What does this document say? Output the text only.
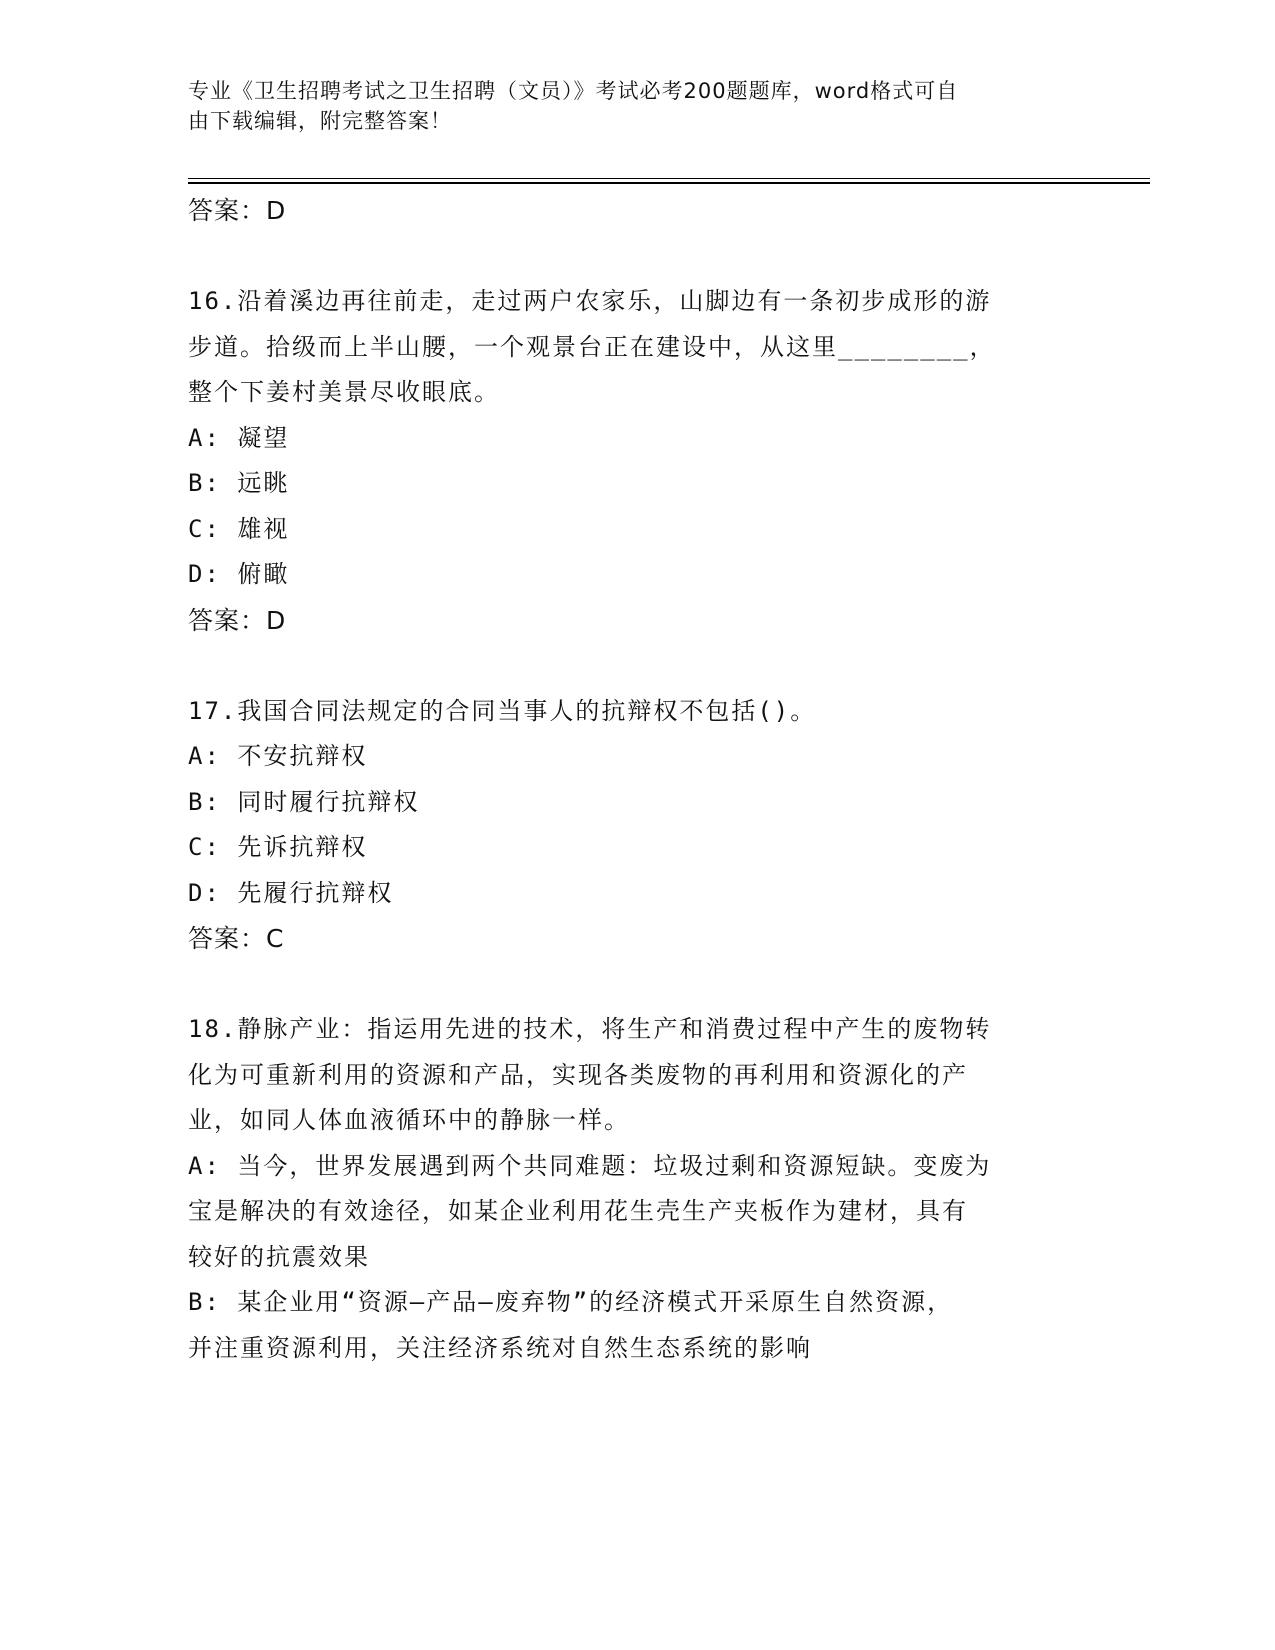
专业《卫生招聘考试之卫生招聘（文员）》考试必考200题题库，word格式可自
由下载编辑，附完整答案！
答案：D
16.沿着溪边再往前走，走过两户农家乐，山脚边有一条初步成形的游
步道。拾级而上半山腰，一个观景台正在建设中，从这里________，
整个下姜村美景尽收眼底。
A: 凝望
B: 远眺
C: 雄视
D: 俯瞰
答案：D
17.我国合同法规定的合同当事人的抗辩权不包括()。
A: 不安抗辩权
B: 同时履行抗辩权
C: 先诉抗辩权
D: 先履行抗辩权
答案：C
18.静脉产业：指运用先进的技术，将生产和消费过程中产生的废物转
化为可重新利用的资源和产品，实现各类废物的再利用和资源化的产
业，如同人体血液循环中的静脉一样。
A: 当今，世界发展遇到两个共同难题：垃圾过剩和资源短缺。变废为
宝是解决的有效途径，如某企业利用花生壳生产夹板作为建材，具有
较好的抗震效果
B: 某企业用“资源—产品—废弃物”的经济模式开采原生自然资源，
并注重资源利用，关注经济系统对自然生态系统的影响
